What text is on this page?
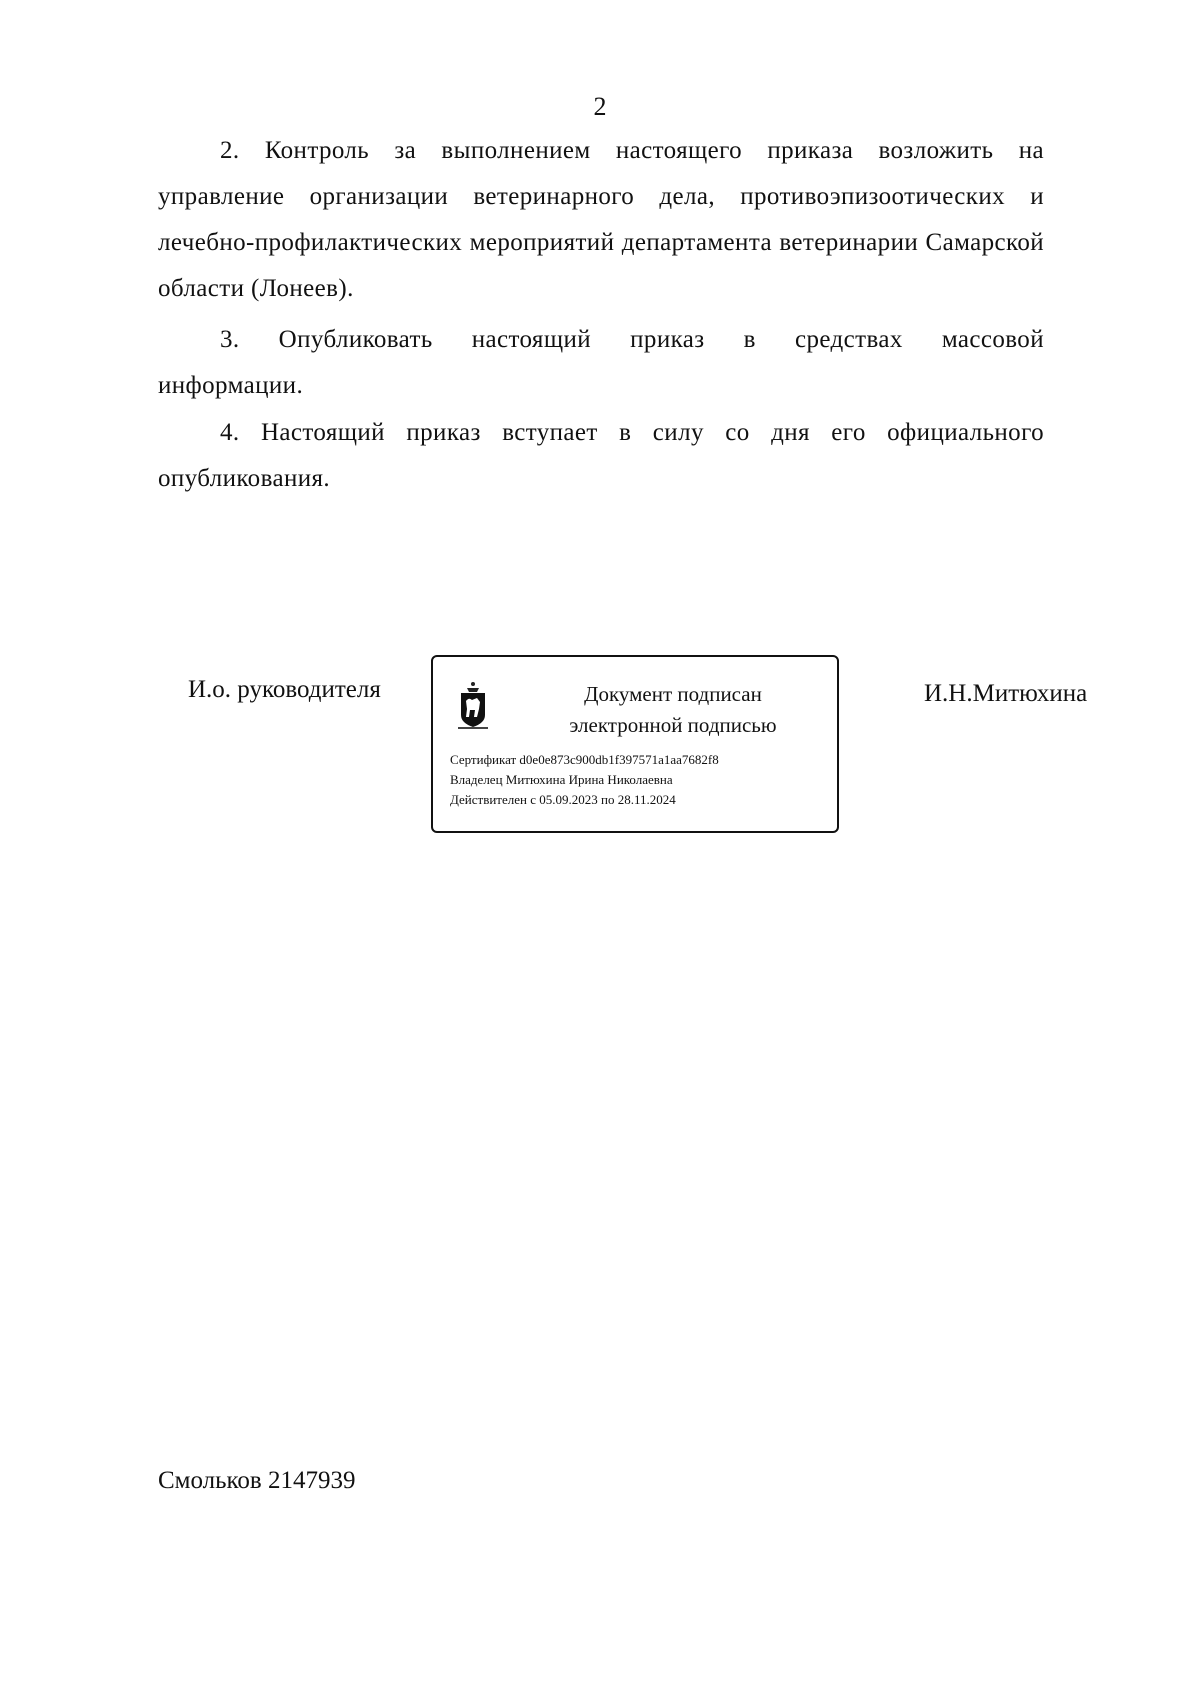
2

2. Контроль за выполнением настоящего приказа возложить на управление организации ветеринарного дела, противоэпизоотических и лечебно-профилактических мероприятий департамента ветеринарии Самарской области (Лонеев).

3. Опубликовать настоящий приказ в средствах массовой информации.

4. Настоящий приказ вступает в силу со дня его официального опубликования.

И.о. руководителя	Документ подписан
электронной подписью
Сертификат d0e0e873c900db1f397571a1aa7682f8
Владелец Митюхина Ирина Николаевна
Действителен с 05.09.2023 по 28.11.2024
И.Н.Митюхина
Смольков 2147939
